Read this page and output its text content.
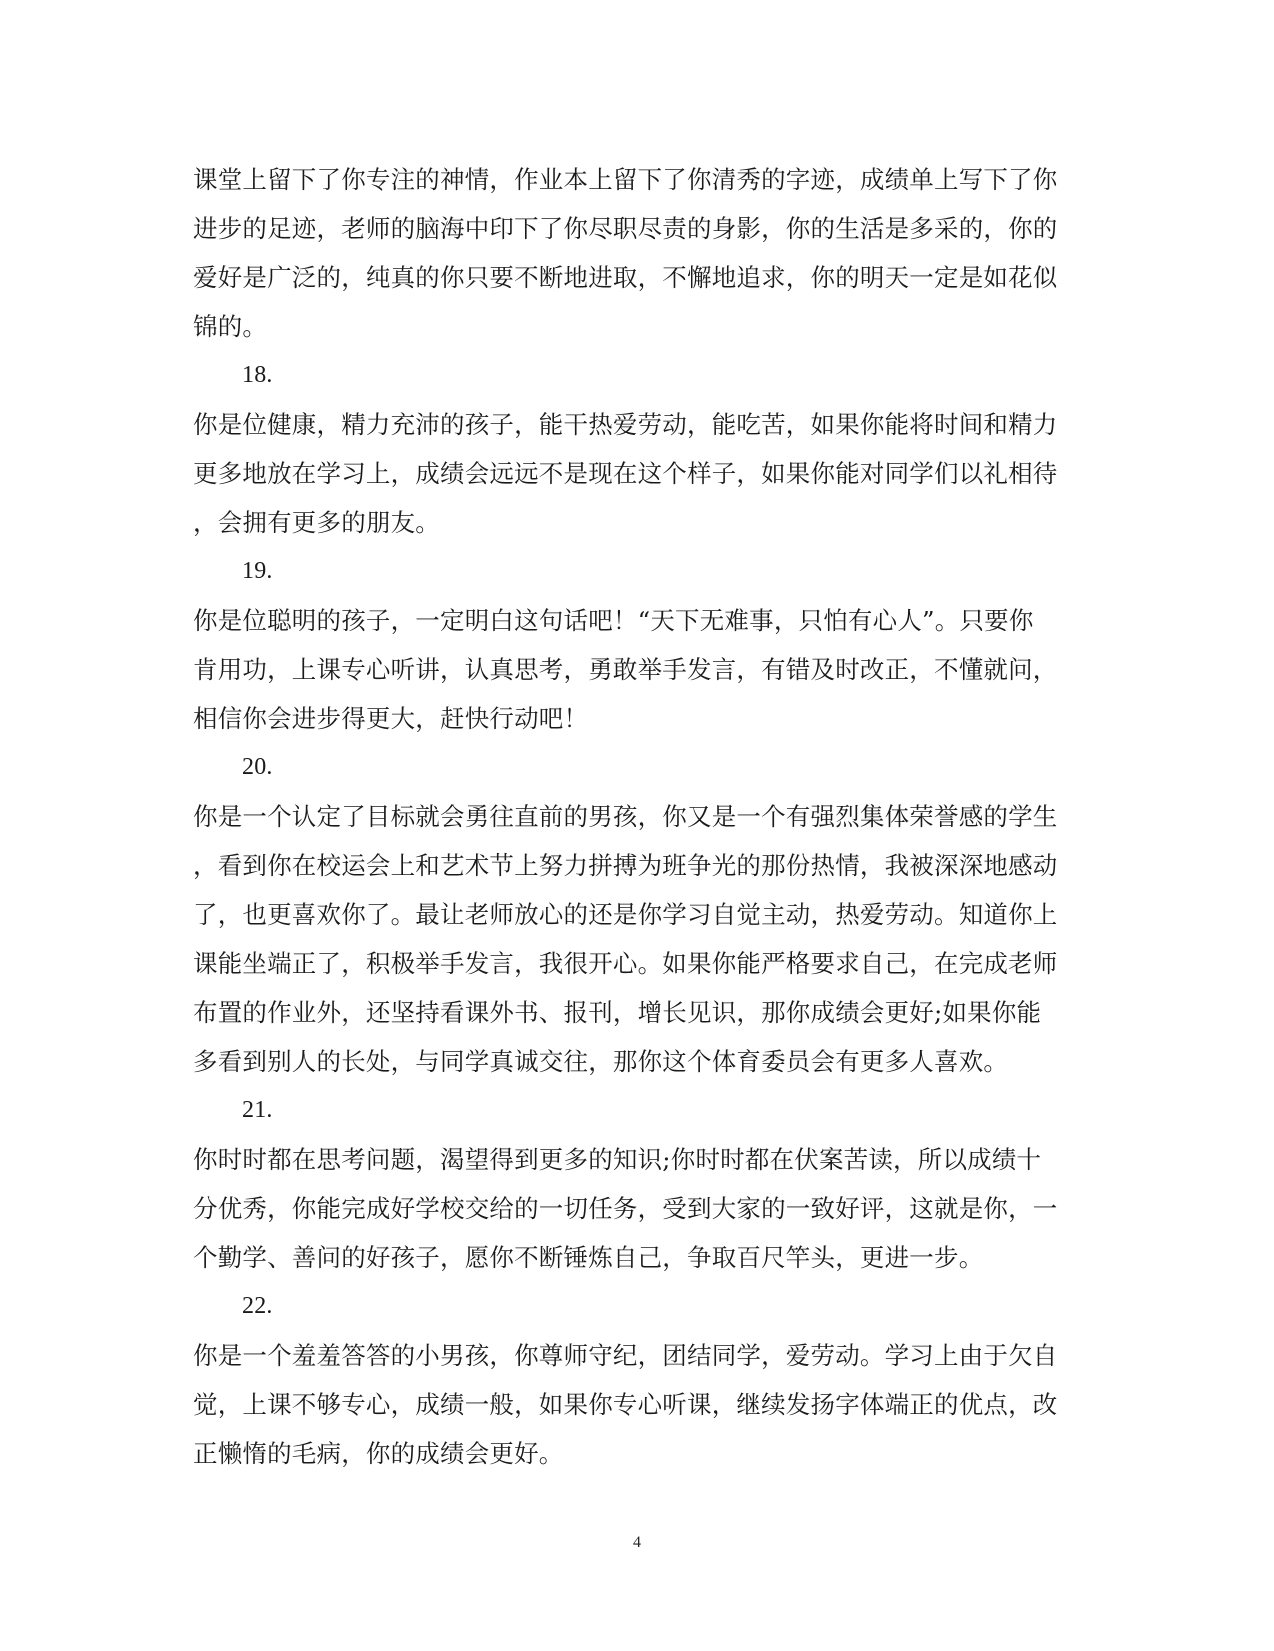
课堂上留下了你专注的神情，作业本上留下了你清秀的字迹，成绩单上写下了你
进步的足迹，老师的脑海中印下了你尽职尽责的身影，你的生活是多采的，你的
爱好是广泛的，纯真的你只要不断地进取，不懈地追求，你的明天一定是如花似
锦的。
18.
你是位健康，精力充沛的孩子，能干热爱劳动，能吃苦，如果你能将时间和精力
更多地放在学习上，成绩会远远不是现在这个样子，如果你能对同学们以礼相待
，会拥有更多的朋友。
19.
你是位聪明的孩子，一定明白这句话吧！“天下无难事，只怕有心人”。只要你
肯用功，上课专心听讲，认真思考，勇敢举手发言，有错及时改正，不懂就问，
相信你会进步得更大，赶快行动吧！
20.
你是一个认定了目标就会勇往直前的男孩，你又是一个有强烈集体荣誉感的学生
，看到你在校运会上和艺术节上努力拼搏为班争光的那份热情，我被深深地感动
了，也更喜欢你了。最让老师放心的还是你学习自觉主动，热爱劳动。知道你上
课能坐端正了，积极举手发言，我很开心。如果你能严格要求自己，在完成老师
布置的作业外，还坚持看课外书、报刊，增长见识，那你成绩会更好;如果你能
多看到别人的长处，与同学真诚交往，那你这个体育委员会有更多人喜欢。
21.
你时时都在思考问题，渴望得到更多的知识;你时时都在伏案苦读，所以成绩十
分优秀，你能完成好学校交给的一切任务，受到大家的一致好评，这就是你，一
个勤学、善问的好孩子，愿你不断锤炼自己，争取百尺竿头，更进一步。
22.
你是一个羞羞答答的小男孩，你尊师守纪，团结同学，爱劳动。学习上由于欠自
觉，上课不够专心，成绩一般，如果你专心听课，继续发扬字体端正的优点，改
正懒惰的毛病，你的成绩会更好。
4
